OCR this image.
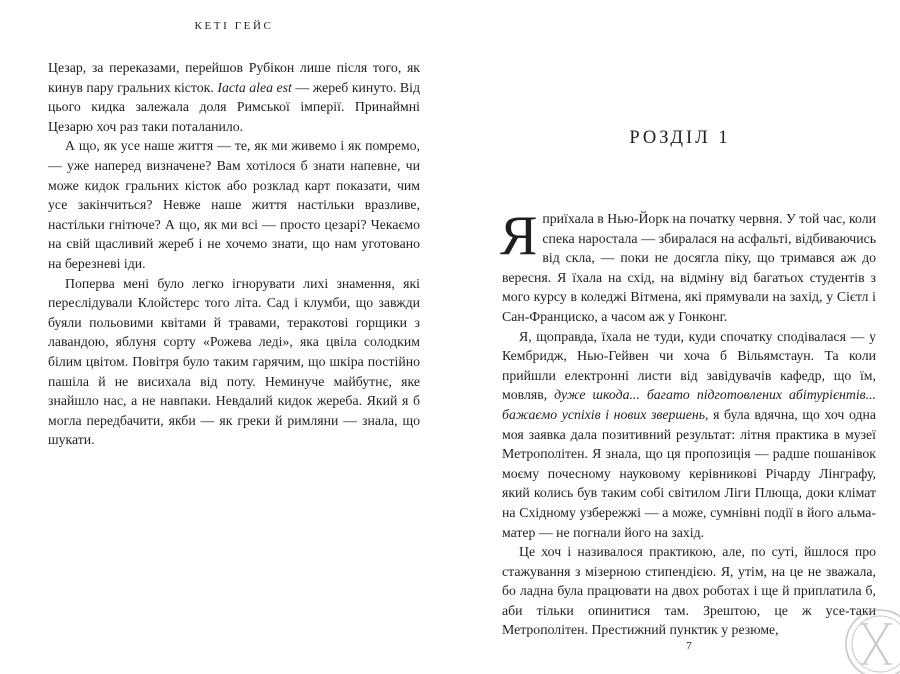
КЕТІ ГЕЙС

Цезар, за переказами, перейшов Рубікон лише після того, як кинув пару гральних кісток. Iacta alea est — жереб кинуто. Від цього кидка залежала доля Римської імперії. Принаймні Цезарю хоч раз таки поталанило.

А що, як усе наше життя — те, як ми живемо і як помремо, — уже наперед визначене? Вам хотілося б знати напевне, чи може кидок гральних кісток або розклад карт показати, чим усе закінчиться? Невже наше життя настільки вразливе, настільки гнітюче? А що, як ми всі — просто цезарі? Чекаємо на свій щасливий жереб і не хочемо знати, що нам уготовано на березневі іди.

Поперва мені було легко ігнорувати лихі знамення, які переслідували Клойстерс того літа. Сад і клумби, що завжди буяли польовими квітами й травами, теракотові горщики з лавандою, яблуня сорту «Рожева леді», яка цвіла солодким білим цвітом. Повітря було таким гарячим, що шкіра постійно пашіла й не висихала від поту. Неминуче майбутнє, яке знайшло нас, а не навпаки. Невдалий кидок жереба. Який я б могла передбачити, якби — як греки й римляни — знала, що шукати.

РОЗДІЛ 1

Яприїхала в Нью-Йорк на початку червня. У той час, коли спека наростала — збиралася на асфальті, відбиваючись від скла, — поки не досягла піку, що тримався аж до вересня. Я їхала на схід, на відміну від багатьох студентів з мого курсу в коледжі Вітмена, які прямували на захід, у Сієтл і Сан-Франциско, а часом аж у Гонконг.

Я, щоправда, їхала не туди, куди спочатку сподівалася — у Кембридж, Нью-Гейвен чи хоча б Вільямстаун. Та коли прийшли електронні листи від завідувачів кафедр, що їм, мовляв, дуже шкода... багато підготовлених абітурієнтів... бажаємо успіхів і нових звершень, я була вдячна, що хоч одна моя заявка дала позитивний результат: літня практика в музеї Метрополітен. Я знала, що ця пропозиція — радше пошанівок моєму почесному науковому керівникові Річарду Лінграфу, який колись був таким собі світилом Ліги Плюща, доки клімат на Східному узбережжі — а може, сумнівні події в його альма-матер — не погнали його на захід.

Це хоч і називалося практикою, але, по суті, йшлося про стажування з мізерною стипендією. Я, утім, на це не зважала, бо ладна була працювати на двох роботах і ще й приплатила б, аби тільки опинитися там. Зрештою, це ж усе-таки Метрополітен. Престижний пунктик у резюме,

7
